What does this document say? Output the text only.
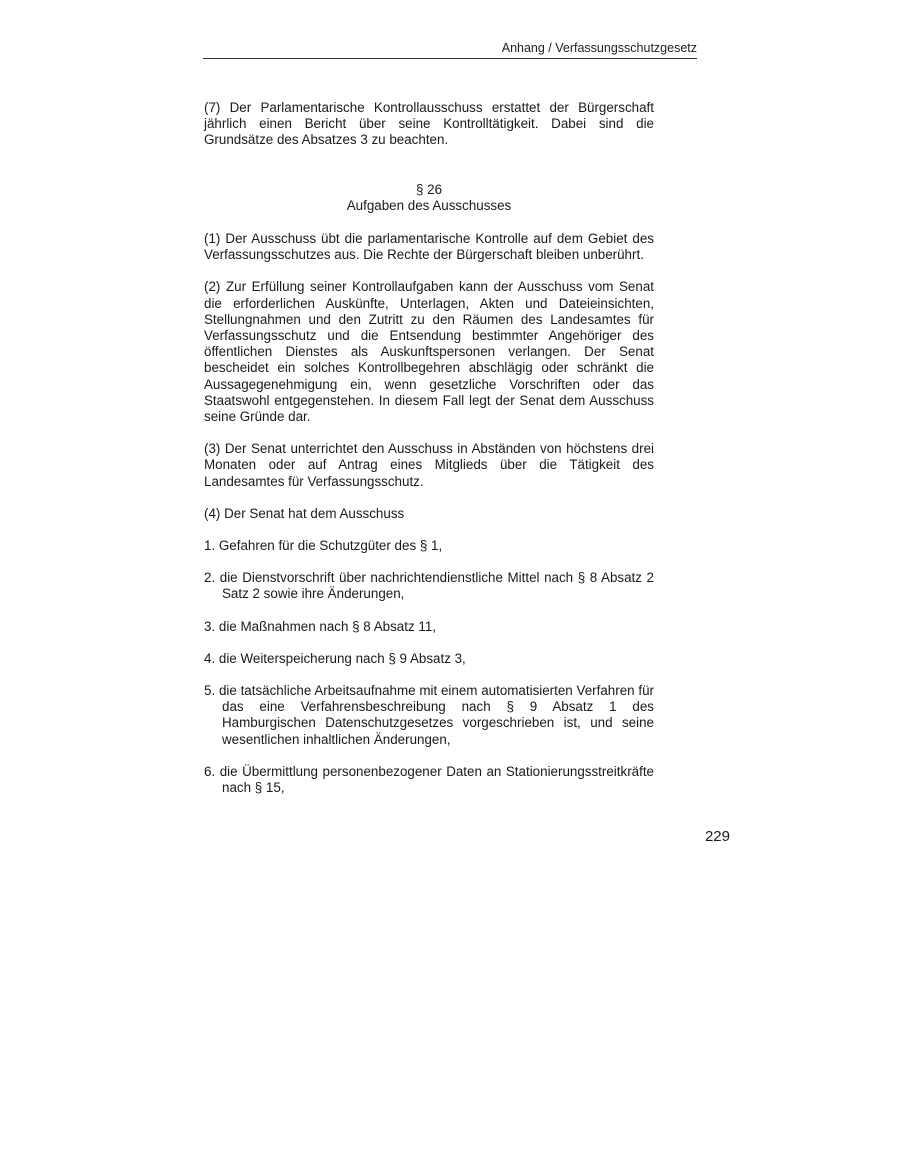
Anhang / Verfassungsschutzgesetz

(7) Der Parlamentarische Kontrollausschuss erstattet der Bürgerschaft jährlich einen Bericht über seine Kontrolltätigkeit. Dabei sind die Grundsätze des Absatzes 3 zu beachten.

§ 26

Aufgaben des Ausschusses

(1) Der Ausschuss übt die parlamentarische Kontrolle auf dem Gebiet des Verfassungsschutzes aus. Die Rechte der Bürgerschaft bleiben unberührt.

(2) Zur Erfüllung seiner Kontrollaufgaben kann der Ausschuss vom Senat die erforderlichen Auskünfte, Unterlagen, Akten und Dateieinsichten, Stellungnahmen und den Zutritt zu den Räumen des Landesamtes für Verfassungsschutz und die Entsendung bestimmter Angehöriger des öffentlichen Dienstes als Auskunftspersonen verlangen. Der Senat bescheidet ein solches Kontrollbegehren abschlägig oder schränkt die Aussagegenehmigung ein, wenn gesetzliche Vorschriften oder das Staatswohl entgegenstehen. In diesem Fall legt der Senat dem Ausschuss seine Gründe dar.

(3) Der Senat unterrichtet den Ausschuss in Abständen von höchstens drei Monaten oder auf Antrag eines Mitglieds über die Tätigkeit des Landesamtes für Verfassungsschutz.

(4) Der Senat hat dem Ausschuss

1. Gefahren für die Schutzgüter des § 1,

2. die Dienstvorschrift über nachrichtendienstliche Mittel nach § 8 Absatz 2 Satz 2 sowie ihre Änderungen,

3. die Maßnahmen nach § 8 Absatz 11,

4. die Weiterspeicherung nach § 9 Absatz 3,

5. die tatsächliche Arbeitsaufnahme mit einem automatisierten Verfahren für das eine Verfahrensbeschreibung nach § 9 Absatz 1 des Hamburgischen Datenschutzgesetzes vorgeschrieben ist, und seine wesentlichen inhaltlichen Änderungen,

6. die Übermittlung personenbezogener Daten an Stationierungsstreitkräfte nach § 15,

229
